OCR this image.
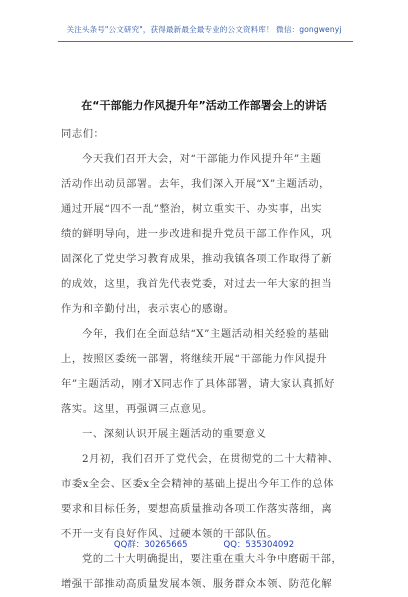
关注头条号"公文研究"，获得最新最全最专业的公文资料库！ 微信：gongwenyj
在“干部能力作风提升年”活动工作部署会上的讲话

同志们：

今天我们召开大会，对“干部能力作风提升年”主题

活动作出动员部署。去年，我们深入开展“X”主题活动，

通过开展“四不一乱”整治，树立重实干、办实事，出实

绩的鲜明导向，进一步改进和提升党员干部工作作风，巩

固深化了党史学习教育成果，推动我镇各项工作取得了新

的成效，这里，我首先代表党委，对过去一年大家的担当

作为和辛勤付出，表示衷心的感谢。

今年，我们在全面总结“X”主题活动相关经验的基础

上，按照区委统一部署，将继续开展“干部能力作风提升

年”主题活动，刚才X同志作了具体部署，请大家认真抓好

落实。这里，再强调三点意见。

一、深刻认识开展主题活动的重要意义

2月初，我们召开了党代会，在贯彻党的二十大精神、

市委x全会、区委x全会精神的基础上提出今年工作的总体

要求和目标任务，要想高质量推动各项工作落实落细，离

不开一支有良好作风、过硬本领的干部队伍。

党的二十大明确提出，要注重在重大斗争中磨砺干部，

增强干部推动高质量发展本领、服务群众本领、防范化解

QQ群：30265665	QQ：535304092
